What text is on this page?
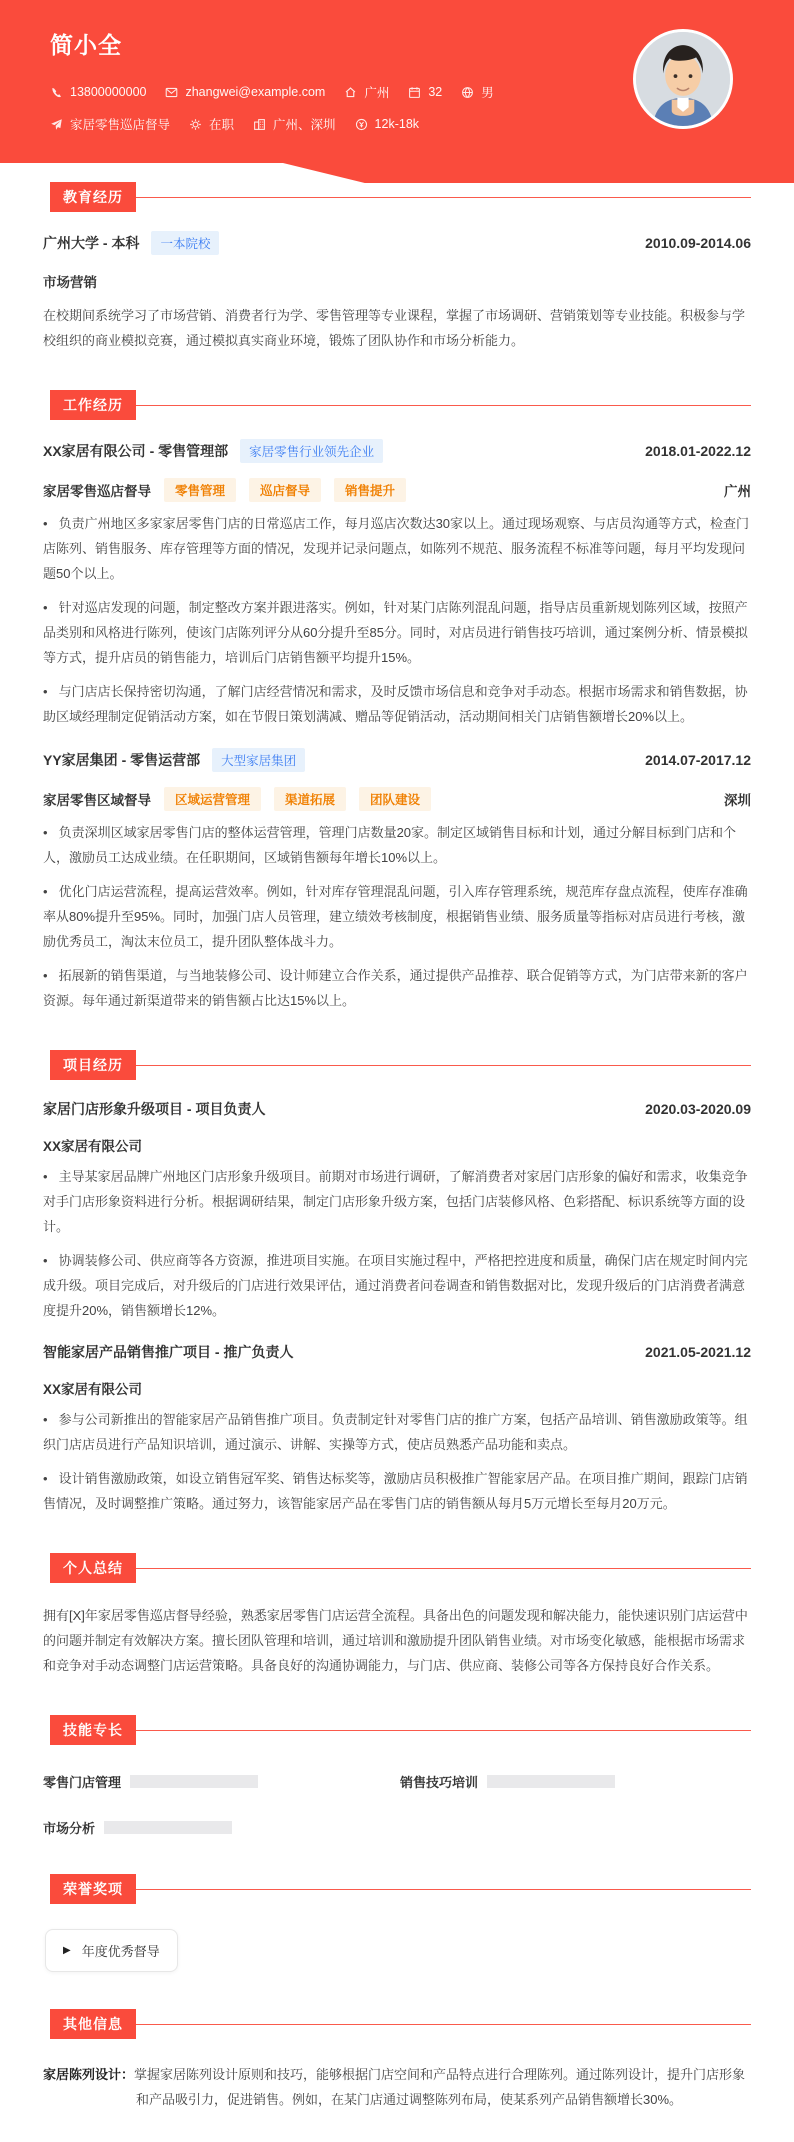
简小全
13800000000	zhangwei@example.com	广州	32	男
家居零售巡店督导	在职	广州、深圳	12k-18k
教育经历
广州大学 - 本科	一本院校	2010.09-2014.06
市场营销

在校期间系统学习了市场营销、消费者行为学、零售管理等专业课程，掌握了市场调研、营销策划等专业技能。积极参与学校组织的商业模拟竞赛，通过模拟真实商业环境，锻炼了团队协作和市场分析能力。

工作经历
XX家居有限公司 - 零售管理部	家居零售行业领先企业	2018.01-2022.12
家居零售巡店督导	零售管理	巡店督导	销售提升	广州

• 负责广州地区多家家居零售门店的日常巡店工作，每月巡店次数达30家以上。通过现场观察、与店员沟通等方式，检查门店陈列、销售服务、库存管理等方面的情况，发现并记录问题点，如陈列不规范、服务流程不标准等问题，每月平均发现问题50个以上。

• 针对巡店发现的问题，制定整改方案并跟进落实。例如，针对某门店陈列混乱问题，指导店员重新规划陈列区域，按照产品类别和风格进行陈列，使该门店陈列评分从60分提升至85分。同时，对店员进行销售技巧培训，通过案例分析、情景模拟等方式，提升店员的销售能力，培训后门店销售额平均提升15%。

• 与门店店长保持密切沟通，了解门店经营情况和需求，及时反馈市场信息和竞争对手动态。根据市场需求和销售数据，协助区域经理制定促销活动方案，如在节假日策划满减、赠品等促销活动，活动期间相关门店销售额增长20%以上。

YY家居集团 - 零售运营部	大型家居集团	2014.07-2017.12
家居零售区域督导	区域运营管理	渠道拓展	团队建设	深圳

• 负责深圳区域家居零售门店的整体运营管理，管理门店数量20家。制定区域销售目标和计划，通过分解目标到门店和个人，激励员工达成业绩。在任职期间，区域销售额每年增长10%以上。

• 优化门店运营流程，提高运营效率。例如，针对库存管理混乱问题，引入库存管理系统，规范库存盘点流程，使库存准确率从80%提升至95%。同时，加强门店人员管理，建立绩效考核制度，根据销售业绩、服务质量等指标对店员进行考核，激励优秀员工，淘汰末位员工，提升团队整体战斗力。

• 拓展新的销售渠道，与当地装修公司、设计师建立合作关系，通过提供产品推荐、联合促销等方式，为门店带来新的客户资源。每年通过新渠道带来的销售额占比达15%以上。

项目经历
家居门店形象升级项目 - 项目负责人	2020.03-2020.09
XX家居有限公司

• 主导某家居品牌广州地区门店形象升级项目。前期对市场进行调研，了解消费者对家居门店形象的偏好和需求，收集竞争对手门店形象资料进行分析。根据调研结果，制定门店形象升级方案，包括门店装修风格、色彩搭配、标识系统等方面的设计。

• 协调装修公司、供应商等各方资源，推进项目实施。在项目实施过程中，严格把控进度和质量，确保门店在规定时间内完成升级。项目完成后，对升级后的门店进行效果评估，通过消费者问卷调查和销售数据对比，发现升级后的门店消费者满意度提升20%，销售额增长12%。

智能家居产品销售推广项目 - 推广负责人	2021.05-2021.12
XX家居有限公司

• 参与公司新推出的智能家居产品销售推广项目。负责制定针对零售门店的推广方案，包括产品培训、销售激励政策等。组织门店店员进行产品知识培训，通过演示、讲解、实操等方式，使店员熟悉产品功能和卖点。

• 设计销售激励政策，如设立销售冠军奖、销售达标奖等，激励店员积极推广智能家居产品。在项目推广期间，跟踪门店销售情况，及时调整推广策略。通过努力，该智能家居产品在零售门店的销售额从每月5万元增长至每月20万元。

个人总结

拥有[X]年家居零售巡店督导经验，熟悉家居零售门店运营全流程。具备出色的问题发现和解决能力，能快速识别门店运营中的问题并制定有效解决方案。擅长团队管理和培训，通过培训和激励提升团队销售业绩。对市场变化敏感，能根据市场需求和竞争对手动态调整门店运营策略。具备良好的沟通协调能力，与门店、供应商、装修公司等各方保持良好合作关系。

技能专长
零售门店管理	销售技巧培训
市场分析
荣誉奖项
▶ 年度优秀督导
其他信息

家居陈列设计：掌握家居陈列设计原则和技巧，能够根据门店空间和产品特点进行合理陈列。通过陈列设计，提升门店形象和产品吸引力，促进销售。例如，在某门店通过调整陈列布局，使某系列产品销售额增长30%。
